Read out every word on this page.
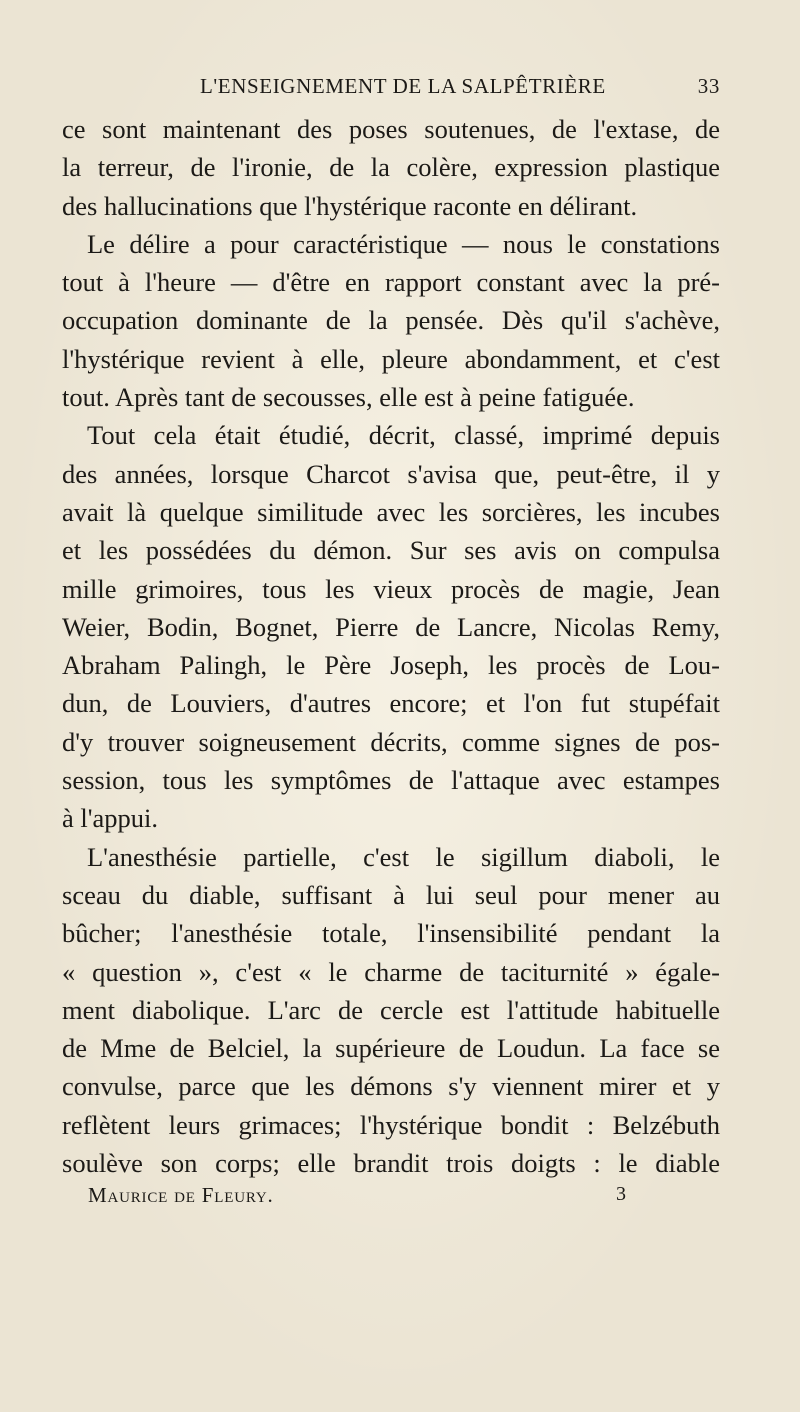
L'ENSEIGNEMENT DE LA SALPÊTRIÈRE	33
ce sont maintenant des poses soutenues, de l'extase, de
la terreur, de l'ironie, de la colère, expression plastique
des hallucinations que l'hystérique raconte en délirant.
Le délire a pour caractéristique — nous le constations
tout à l'heure — d'être en rapport constant avec la pré-
occupation dominante de la pensée. Dès qu'il s'achève,
l'hystérique revient à elle, pleure abondamment, et c'est
tout. Après tant de secousses, elle est à peine fatiguée.
Tout cela était étudié, décrit, classé, imprimé depuis
des années, lorsque Charcot s'avisa que, peut-être, il y
avait là quelque similitude avec les sorcières, les incubes
et les possédées du démon. Sur ses avis on compulsa
mille grimoires, tous les vieux procès de magie, Jean
Weier, Bodin, Bognet, Pierre de Lancre, Nicolas Remy,
Abraham Palingh, le Père Joseph, les procès de Lou-
dun, de Louviers, d'autres encore; et l'on fut stupéfait
d'y trouver soigneusement décrits, comme signes de pos-
session, tous les symptômes de l'attaque avec estampes
à l'appui.
L'anesthésie partielle, c'est le sigillum diaboli, le
sceau du diable, suffisant à lui seul pour mener au
bûcher; l'anesthésie totale, l'insensibilité pendant la
« question », c'est « le charme de taciturnité » égale-
ment diabolique. L'arc de cercle est l'attitude habituelle
de Mme de Belciel, la supérieure de Loudun. La face se
convulse, parce que les démons s'y viennent mirer et y
reflètent leurs grimaces; l'hystérique bondit : Belzébuth
soulève son corps; elle brandit trois doigts : le diable
Maurice de Fleury.	3
